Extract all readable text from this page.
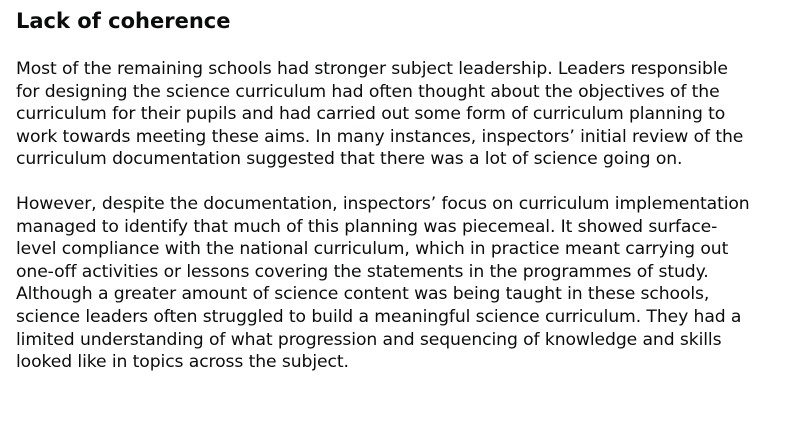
Lack of coherence
Most of the remaining schools had stronger subject leadership. Leaders responsible
for designing the science curriculum had often thought about the objectives of the
curriculum for their pupils and had carried out some form of curriculum planning to
work towards meeting these aims. In many instances, inspectors’ initial review of the
curriculum documentation suggested that there was a lot of science going on.
However, despite the documentation, inspectors’ focus on curriculum implementation
managed to identify that much of this planning was piecemeal. It showed surface-
level compliance with the national curriculum, which in practice meant carrying out
one-off activities or lessons covering the statements in the programmes of study.
Although a greater amount of science content was being taught in these schools,
science leaders often struggled to build a meaningful science curriculum. They had a
limited understanding of what progression and sequencing of knowledge and skills
looked like in topics across the subject.
